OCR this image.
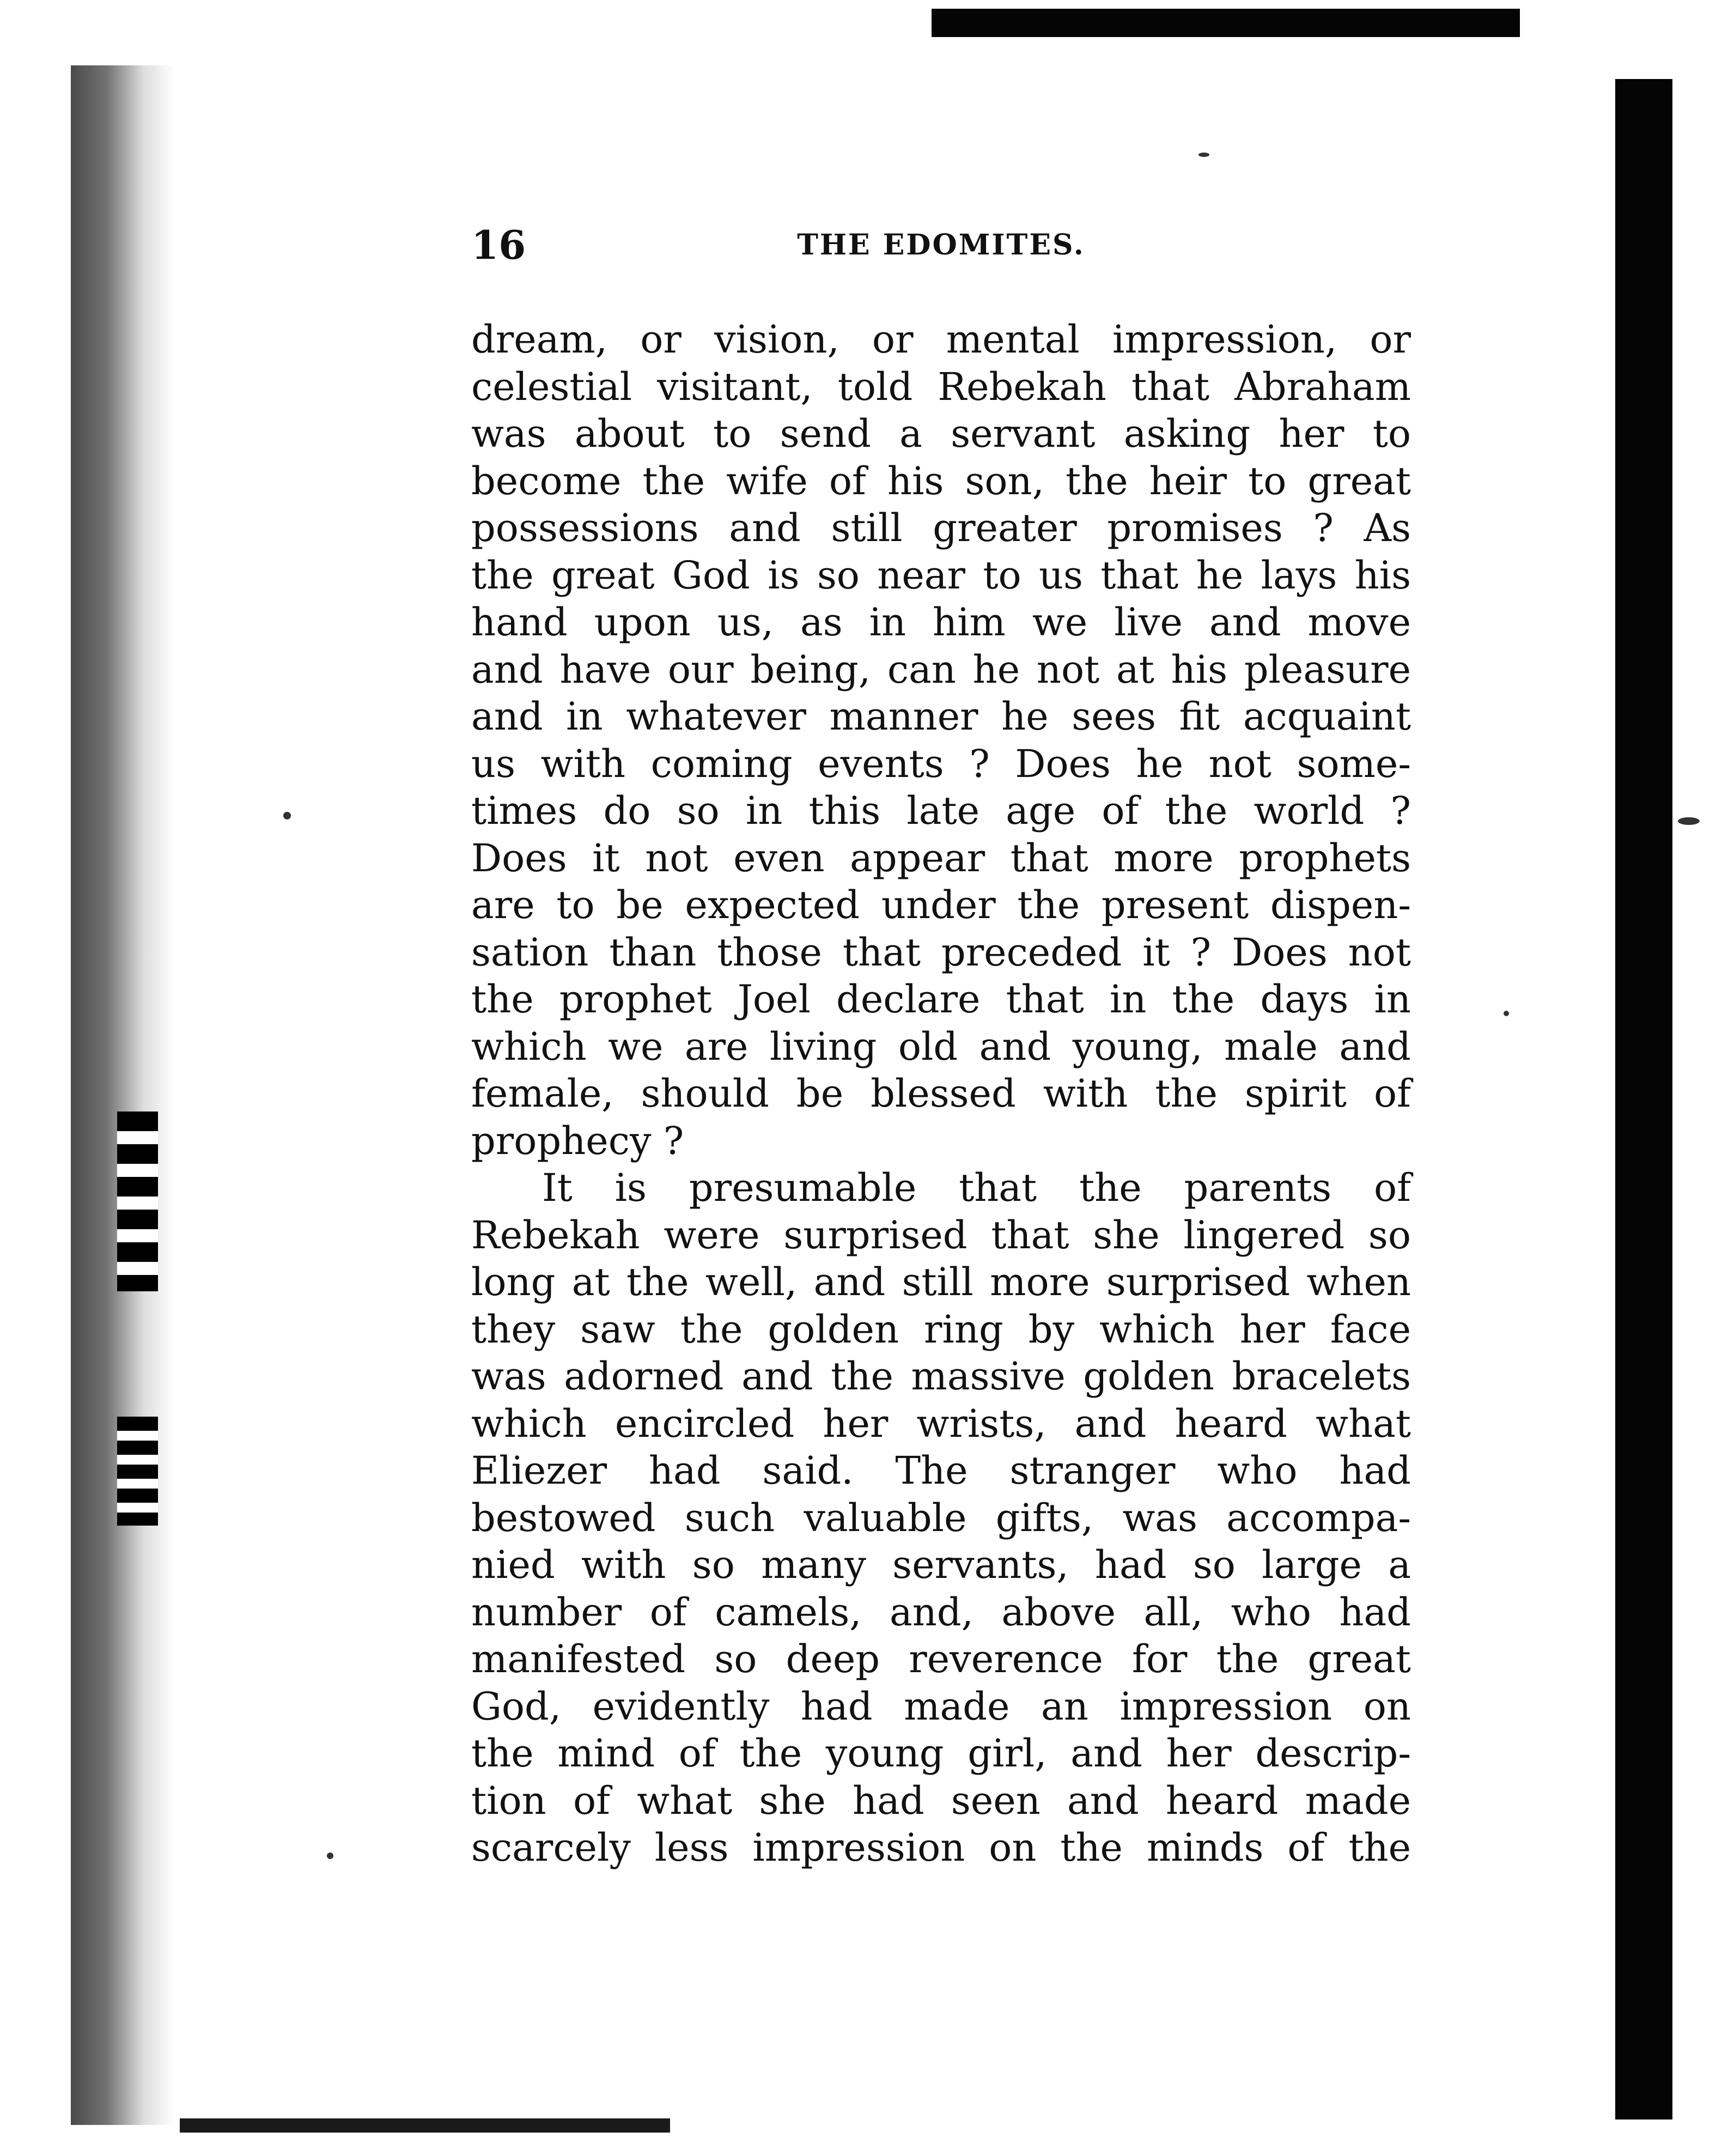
16	THE EDOMITES.
dream, or vision, or mental impression, or
celestial visitant, told Rebekah that Abraham
was about to send a servant asking her to
become the wife of his son, the heir to great
possessions and still greater promises ? As
the great God is so near to us that he lays his
hand upon us, as in him we live and move
and have our being, can he not at his pleasure
and in whatever manner he sees fit acquaint
us with coming events ? Does he not some-
times do so in this late age of the world ?
Does it not even appear that more prophets
are to be expected under the present dispen-
sation than those that preceded it ? Does not
the prophet Joel declare that in the days in
which we are living old and young, male and
female, should be blessed with the spirit of
prophecy ?
It is presumable that the parents of
Rebekah were surprised that she lingered so
long at the well, and still more surprised when
they saw the golden ring by which her face
was adorned and the massive golden bracelets
which encircled her wrists, and heard what
Eliezer had said. The stranger who had
bestowed such valuable gifts, was accompa-
nied with so many servants, had so large a
number of camels, and, above all, who had
manifested so deep reverence for the great
God, evidently had made an impression on
the mind of the young girl, and her descrip-
tion of what she had seen and heard made
scarcely less impression on the minds of the
